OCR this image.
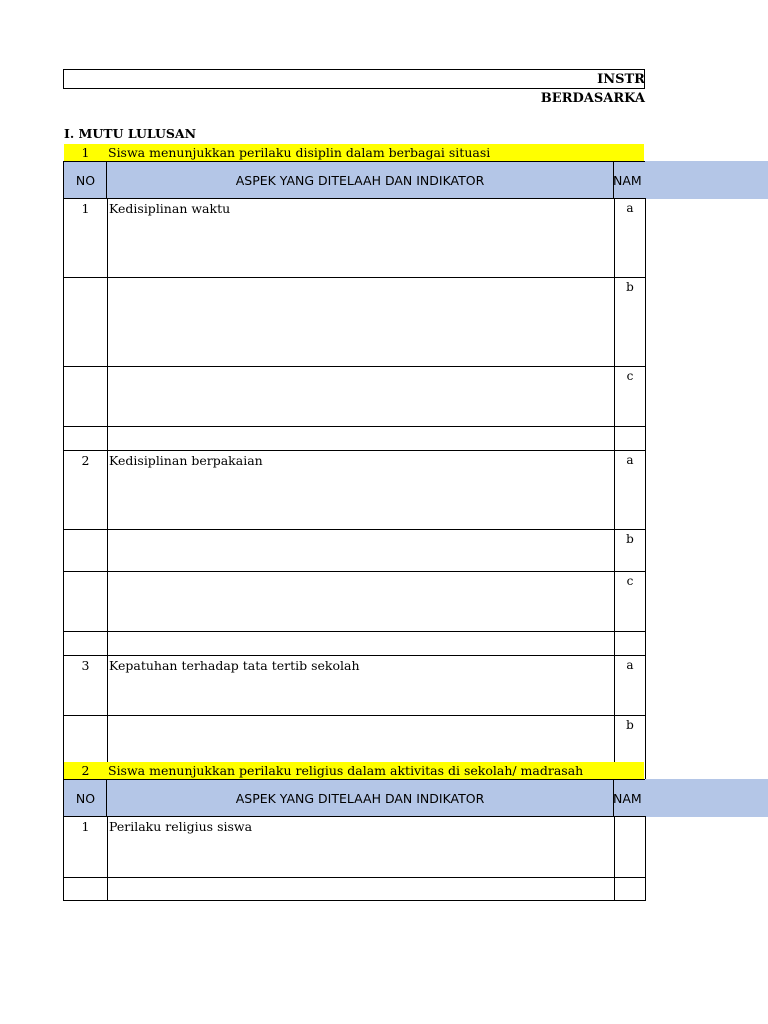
INSTR
BERDASARKA
I. MUTU LULUSAN
1	Siswa menunjukkan perilaku disiplin dalam berbagai situasi
NO	ASPEK YANG DITELAAH DAN INDIKATOR	NAM
1	Kedisiplinan waktu	a
		b
		c

2	Kedisiplinan berpakaian	a
		b
		c

3	Kepatuhan terhadap tata tertib sekolah	a
		b
2	Siswa menunjukkan perilaku religius dalam aktivitas di sekolah/ madrasah
NO	ASPEK YANG DITELAAH DAN INDIKATOR	NAM
1	Perilaku religius siswa	
